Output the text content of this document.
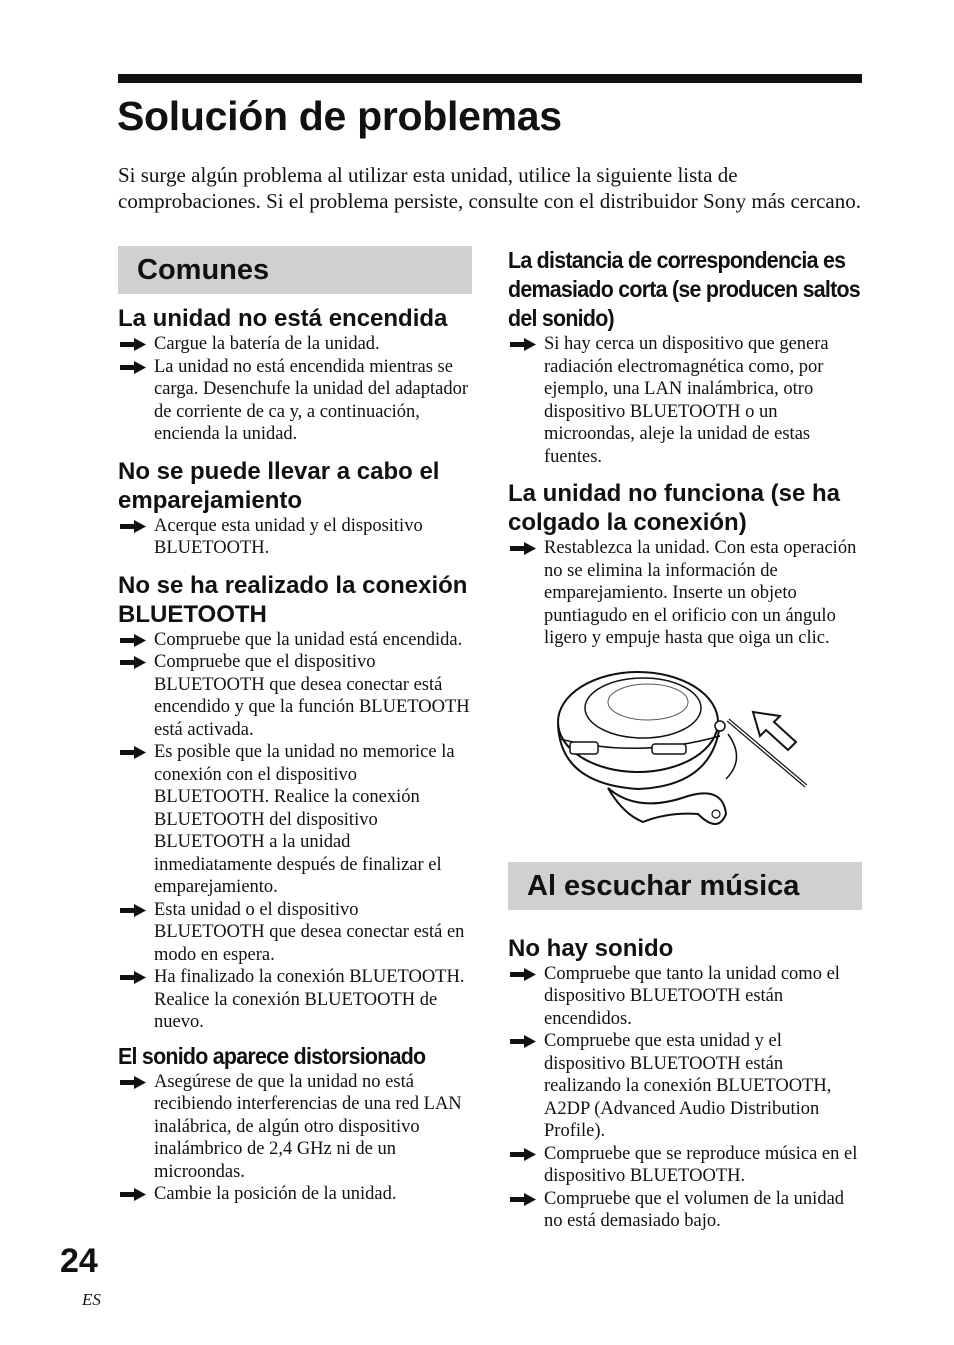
Solución de problemas

Si surge algún problema al utilizar esta unidad, utilice la siguiente lista de comprobaciones. Si el problema persiste, consulte con el distribuidor Sony más cercano.

Comunes
La unidad no está encendida
Cargue la batería de la unidad.
La unidad no está encendida mientras se carga. Desenchufe la unidad del adaptador de corriente de ca y, a continuación, encienda la unidad.
No se puede llevar a cabo el emparejamiento
Acerque esta unidad y el dispositivo BLUETOOTH.
No se ha realizado la conexión BLUETOOTH
Compruebe que la unidad está encendida.
Compruebe que el dispositivo BLUETOOTH que desea conectar está encendido y que la función BLUETOOTH está activada.
Es posible que la unidad no memorice la conexión con el dispositivo BLUETOOTH. Realice la conexión BLUETOOTH del dispositivo BLUETOOTH a la unidad inmediatamente después de finalizar el emparejamiento.
Esta unidad o el dispositivo BLUETOOTH que desea conectar está en modo en espera.
Ha finalizado la conexión BLUETOOTH. Realice la conexión BLUETOOTH de nuevo.
El sonido aparece distorsionado
Asegúrese de que la unidad no está recibiendo interferencias de una red LAN inalábrica, de algún otro dispositivo inalámbrico de 2,4 GHz ni de un microondas.
Cambie la posición de la unidad.
La distancia de correspondencia es demasiado corta (se producen saltos del sonido)
Si hay cerca un dispositivo que genera radiación electromagnética como, por ejemplo, una LAN inalámbrica, otro dispositivo BLUETOOTH o un microondas, aleje la unidad de estas fuentes.
La unidad no funciona (se ha colgado la conexión)
Restablezca la unidad. Con esta operación no se elimina la información de emparejamiento. Inserte un objeto puntiagudo en el orificio con un ángulo ligero y empuje hasta que oiga un clic.
Al escuchar música
No hay sonido
Compruebe que tanto la unidad como el dispositivo BLUETOOTH están encendidos.
Compruebe que esta unidad y el dispositivo BLUETOOTH están realizando la conexión BLUETOOTH, A2DP (Advanced Audio Distribution Profile).
Compruebe que se reproduce música en el dispositivo BLUETOOTH.
Compruebe que el volumen de la unidad no está demasiado bajo.

24

ES
